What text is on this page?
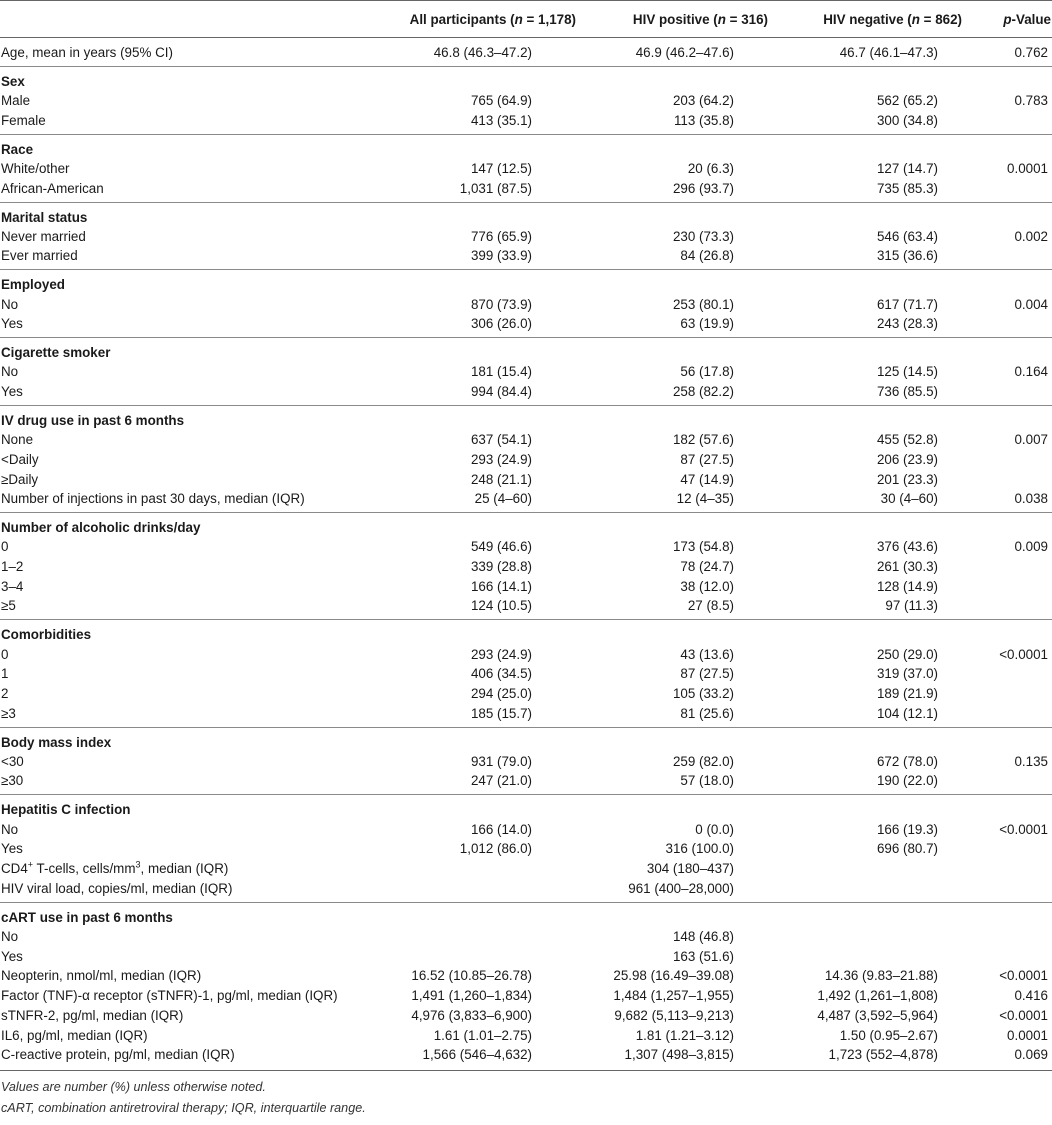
	All participants (n = 1,178)	HIV positive (n = 316)	HIV negative (n = 862)	p-Value
Age, mean in years (95% CI)	46.8 (46.3–47.2)	46.9 (46.2–47.6)	46.7 (46.1–47.3)	0.762
Sex				
Male	765 (64.9)	203 (64.2)	562 (65.2)	0.783
Female	413 (35.1)	113 (35.8)	300 (34.8)	
Race				
White/other	147 (12.5)	20 (6.3)	127 (14.7)	0.0001
African-American	1,031 (87.5)	296 (93.7)	735 (85.3)	
Marital status				
Never married	776 (65.9)	230 (73.3)	546 (63.4)	0.002
Ever married	399 (33.9)	84 (26.8)	315 (36.6)	
Employed				
No	870 (73.9)	253 (80.1)	617 (71.7)	0.004
Yes	306 (26.0)	63 (19.9)	243 (28.3)	
Cigarette smoker				
No	181 (15.4)	56 (17.8)	125 (14.5)	0.164
Yes	994 (84.4)	258 (82.2)	736 (85.5)	
IV drug use in past 6 months				
None	637 (54.1)	182 (57.6)	455 (52.8)	0.007
<Daily	293 (24.9)	87 (27.5)	206 (23.9)	
≥Daily	248 (21.1)	47 (14.9)	201 (23.3)	
Number of injections in past 30 days, median (IQR)	25 (4–60)	12 (4–35)	30 (4–60)	0.038
Number of alcoholic drinks/day				
0	549 (46.6)	173 (54.8)	376 (43.6)	0.009
1–2	339 (28.8)	78 (24.7)	261 (30.3)	
3–4	166 (14.1)	38 (12.0)	128 (14.9)	
≥5	124 (10.5)	27 (8.5)	97 (11.3)	
Comorbidities				
0	293 (24.9)	43 (13.6)	250 (29.0)	<0.0001
1	406 (34.5)	87 (27.5)	319 (37.0)	
2	294 (25.0)	105 (33.2)	189 (21.9)	
≥3	185 (15.7)	81 (25.6)	104 (12.1)	
Body mass index				
<30	931 (79.0)	259 (82.0)	672 (78.0)	0.135
≥30	247 (21.0)	57 (18.0)	190 (22.0)	
Hepatitis C infection				
No	166 (14.0)	0 (0.0)	166 (19.3)	<0.0001
Yes	1,012 (86.0)	316 (100.0)	696 (80.7)	
CD4+ T-cells, cells/$mm^3$, median (IQR)		304 (180–437)		
HIV viral load, copies/ml, median (IQR)		961 (400–28,000)		
cART use in past 6 months				
No		148 (46.8)		
Yes		163 (51.6)		
Neopterin, nmol/ml, median (IQR)	16.52 (10.85–26.78)	25.98 (16.49–39.08)	14.36 (9.83–21.88)	<0.0001
Factor (TNF)-α receptor (sTNFR)-1, pg/ml, median (IQR)	1,491 (1,260–1,834)	1,484 (1,257–1,955)	1,492 (1,261–1,808)	0.416
sTNFR-2, pg/ml, median (IQR)	4,976 (3,833–6,900)	9,682 (5,113–9,213)	4,487 (3,592–5,964)	<0.0001
IL6, pg/ml, median (IQR)	1.61 (1.01–2.75)	1.81 (1.21–3.12)	1.50 (0.95–2.67)	0.0001
C-reactive protein, pg/ml, median (IQR)	1,566 (546–4,632)	1,307 (498–3,815)	1,723 (552–4,878)	0.069
Values are number (%) unless otherwise noted.
cART, combination antiretroviral therapy; IQR, interquartile range.
